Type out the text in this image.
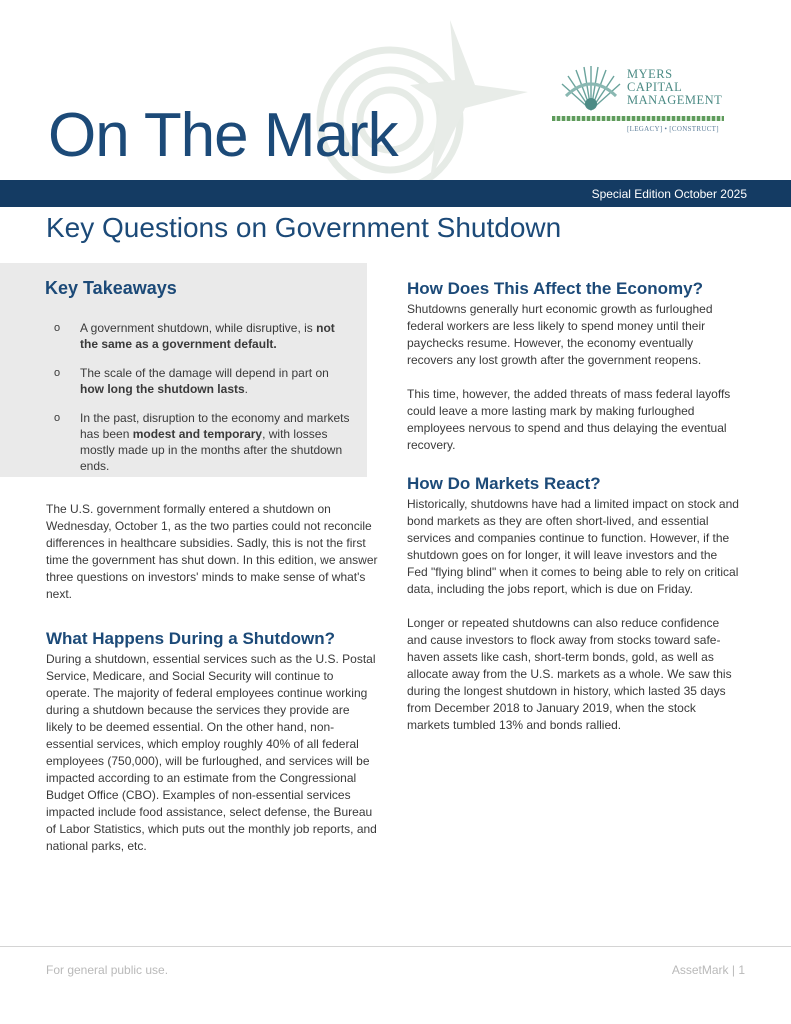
On The Mark
MYERS
CAPITAL
MANAGEMENT
[LEGACY] • [CONSTRUCT]
Special Edition October 2025
Key Questions on Government Shutdown
Key Takeaways
o A government shutdown, while disruptive, is not the same as a government default.
o The scale of the damage will depend in part on how long the shutdown lasts.
o In the past, disruption to the economy and markets has been modest and temporary, with losses mostly made up in the months after the shutdown ends.

The U.S. government formally entered a shutdown on Wednesday, October 1, as the two parties could not reconcile differences in healthcare subsidies. Sadly, this is not the first time the government has shut down. In this edition, we answer three questions on investors' minds to make sense of what's next.

What Happens During a Shutdown?

During a shutdown, essential services such as the U.S. Postal Service, Medicare, and Social Security will continue to operate. The majority of federal employees continue working during a shutdown because the services they provide are likely to be deemed essential. On the other hand, non-essential services, which employ roughly 40% of all federal employees (750,000), will be furloughed, and services will be impacted according to an estimate from the Congressional Budget Office (CBO). Examples of non-essential services impacted include food assistance, select defense, the Bureau of Labor Statistics, which puts out the monthly job reports, and national parks, etc.

How Does This Affect the Economy?

Shutdowns generally hurt economic growth as furloughed federal workers are less likely to spend money until their paychecks resume. However, the economy eventually recovers any lost growth after the government reopens.

This time, however, the added threats of mass federal layoffs could leave a more lasting mark by making furloughed employees nervous to spend and thus delaying the eventual recovery.

How Do Markets React?

Historically, shutdowns have had a limited impact on stock and bond markets as they are often short-lived, and essential services and companies continue to function. However, if the shutdown goes on for longer, it will leave investors and the Fed "flying blind" when it comes to being able to rely on critical data, including the jobs report, which is due on Friday.

Longer or repeated shutdowns can also reduce confidence and cause investors to flock away from stocks toward safe-haven assets like cash, short-term bonds, gold, as well as allocate away from the U.S. markets as a whole. We saw this during the longest shutdown in history, which lasted 35 days from December 2018 to January 2019, when the stock markets tumbled 13% and bonds rallied.

For general public use.	AssetMark | 1
